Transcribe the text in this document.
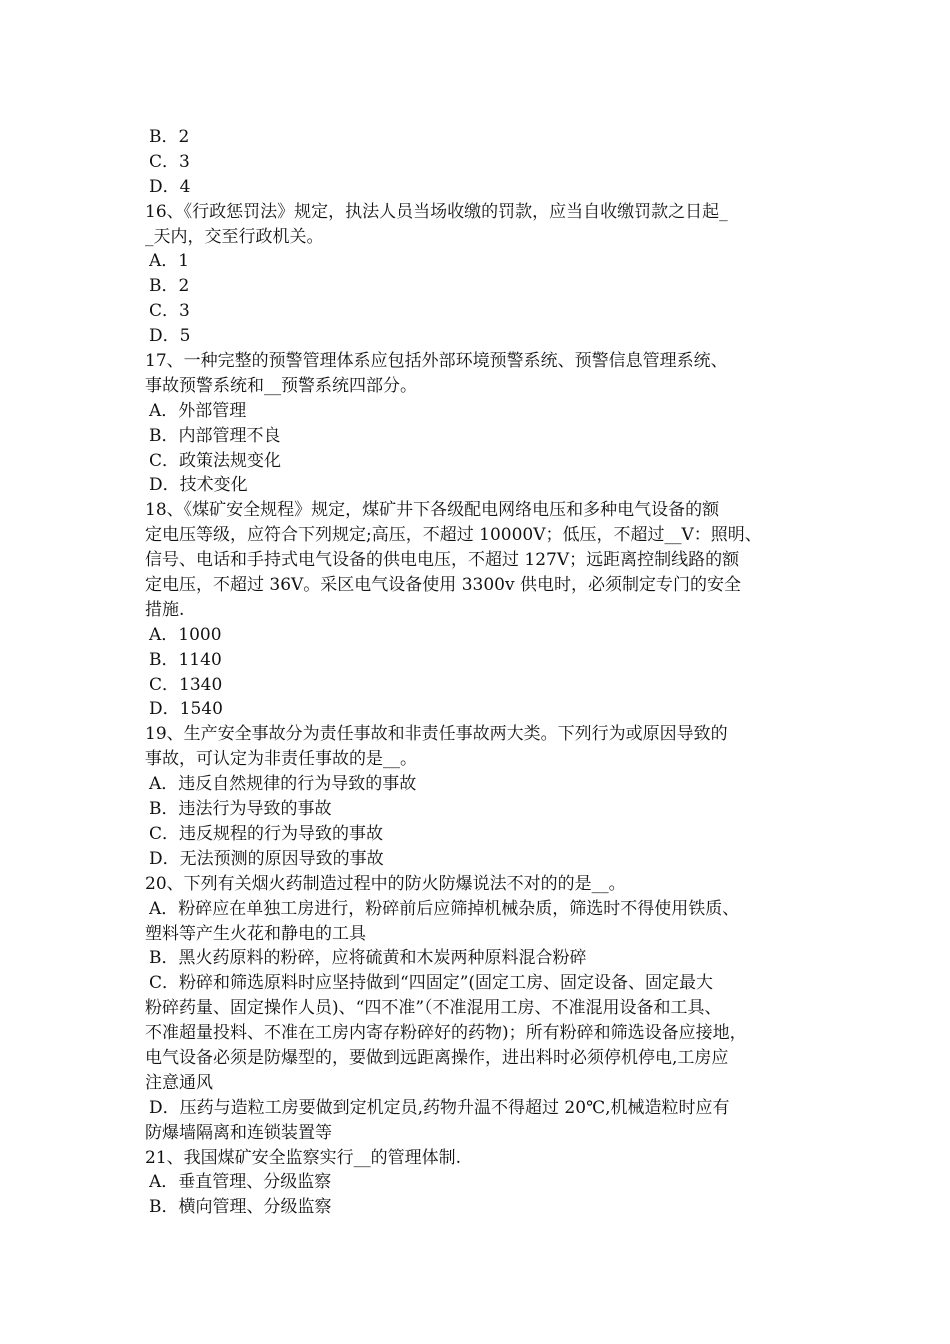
B．2
C．3
D．4
16、《行政惩罚法》规定，执法人员当场收缴的罚款，应当自收缴罚款之日起_
_天内，交至行政机关。
A．1
B．2
C．3
D．5
17、一种完整的预警管理体系应包括外部环境预警系统、预警信息管理系统、
事故预警系统和__预警系统四部分。
A．外部管理
B．内部管理不良
C．政策法规变化
D．技术变化
18、《煤矿安全规程》规定，煤矿井下各级配电网络电压和多种电气设备的额
定电压等级，应符合下列规定;高压，不超过 10000V；低压，不超过__V：照明、
信号、电话和手持式电气设备的供电电压，不超过 127V；远距离控制线路的额
定电压，不超过 36V。采区电气设备使用 3300v 供电时，必须制定专门的安全
措施.
A．1000
B．1140
C．1340
D．1540
19、生产安全事故分为责任事故和非责任事故两大类。下列行为或原因导致的
事故，可认定为非责任事故的是__。
A．违反自然规律的行为导致的事故
B．违法行为导致的事故
C．违反规程的行为导致的事故
D．无法预测的原因导致的事故
20、下列有关烟火药制造过程中的防火防爆说法不对的的是__。
A．粉碎应在单独工房进行，粉碎前后应筛掉机械杂质，筛选时不得使用铁质、
塑料等产生火花和静电的工具
B．黑火药原料的粉碎，应将硫黄和木炭两种原料混合粉碎
C．粉碎和筛选原料时应坚持做到“四固定”(固定工房、固定设备、固定最大
粉碎药量、固定操作人员)、“四不准”（不准混用工房、不准混用设备和工具、
不准超量投料、不准在工房内寄存粉碎好的药物)；所有粉碎和筛选设备应接地，
电气设备必须是防爆型的，要做到远距离操作，进出料时必须停机停电,工房应
注意通风
D．压药与造粒工房要做到定机定员,药物升温不得超过 20℃,机械造粒时应有
防爆墙隔离和连锁装置等
21、我国煤矿安全监察实行__的管理体制.
A．垂直管理、分级监察
B．横向管理、分级监察
